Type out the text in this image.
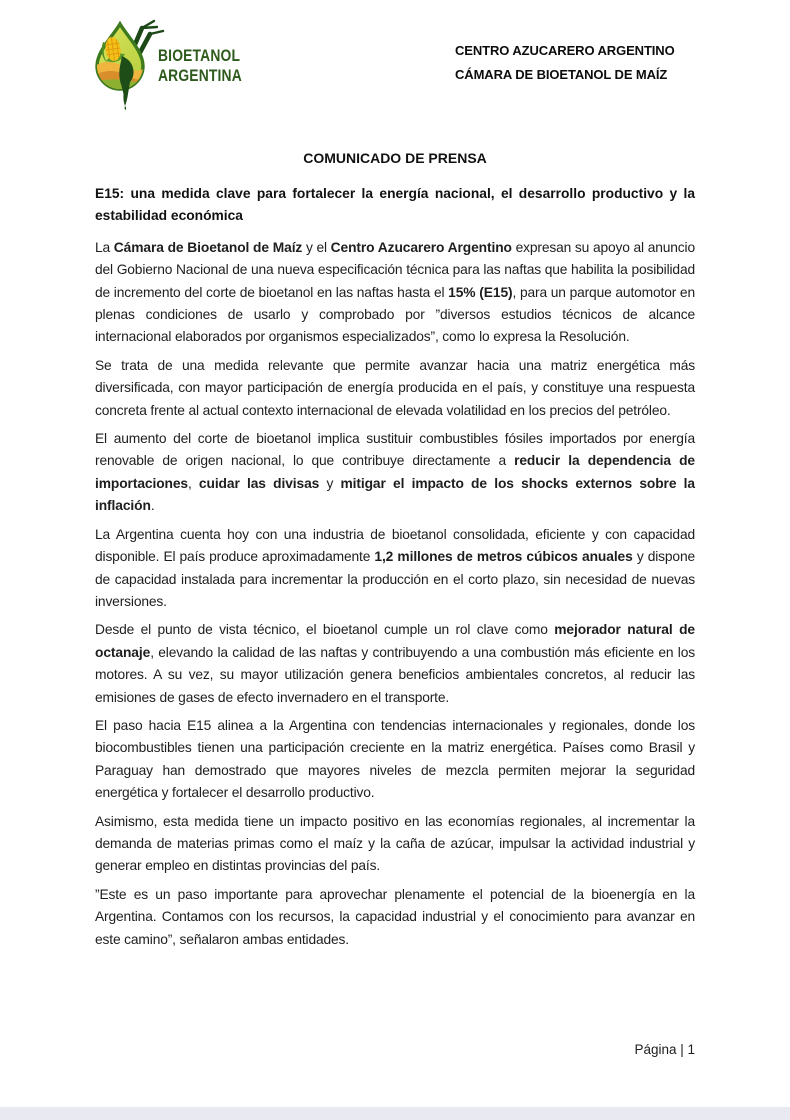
BIOETANOL
ARGENTINA
CENTRO AZUCARERO ARGENTINO
CÁMARA DE BIOETANOL DE MAÍZ
COMUNICADO DE PRENSA
E15: una medida clave para fortalecer la energía nacional, el desarrollo productivo y la estabilidad económica

La Cámara de Bioetanol de Maíz y el Centro Azucarero Argentino expresan su apoyo al anuncio del Gobierno Nacional de una nueva especificación técnica para las naftas que habilita la posibilidad de incremento del corte de bioetanol en las naftas hasta el 15% (E15), para un parque automotor en plenas condiciones de usarlo y comprobado por ”diversos estudios técnicos de alcance internacional elaborados por organismos especializados”, como lo expresa la Resolución.

Se trata de una medida relevante que permite avanzar hacia una matriz energética más diversificada, con mayor participación de energía producida en el país, y constituye una respuesta concreta frente al actual contexto internacional de elevada volatilidad en los precios del petróleo.

El aumento del corte de bioetanol implica sustituir combustibles fósiles importados por energía renovable de origen nacional, lo que contribuye directamente a reducir la dependencia de importaciones, cuidar las divisas y mitigar el impacto de los shocks externos sobre la inflación.

La Argentina cuenta hoy con una industria de bioetanol consolidada, eficiente y con capacidad disponible. El país produce aproximadamente 1,2 millones de metros cúbicos anuales y dispone de capacidad instalada para incrementar la producción en el corto plazo, sin necesidad de nuevas inversiones.

Desde el punto de vista técnico, el bioetanol cumple un rol clave como mejorador natural de octanaje, elevando la calidad de las naftas y contribuyendo a una combustión más eficiente en los motores. A su vez, su mayor utilización genera beneficios ambientales concretos, al reducir las emisiones de gases de efecto invernadero en el transporte.

El paso hacia E15 alinea a la Argentina con tendencias internacionales y regionales, donde los biocombustibles tienen una participación creciente en la matriz energética. Países como Brasil y Paraguay han demostrado que mayores niveles de mezcla permiten mejorar la seguridad energética y fortalecer el desarrollo productivo.

Asimismo, esta medida tiene un impacto positivo en las economías regionales, al incrementar la demanda de materias primas como el maíz y la caña de azúcar, impulsar la actividad industrial y generar empleo en distintas provincias del país.

”Este es un paso importante para aprovechar plenamente el potencial de la bioenergía en la Argentina. Contamos con los recursos, la capacidad industrial y el conocimiento para avanzar en este camino”, señalaron ambas entidades.

Página | 1
